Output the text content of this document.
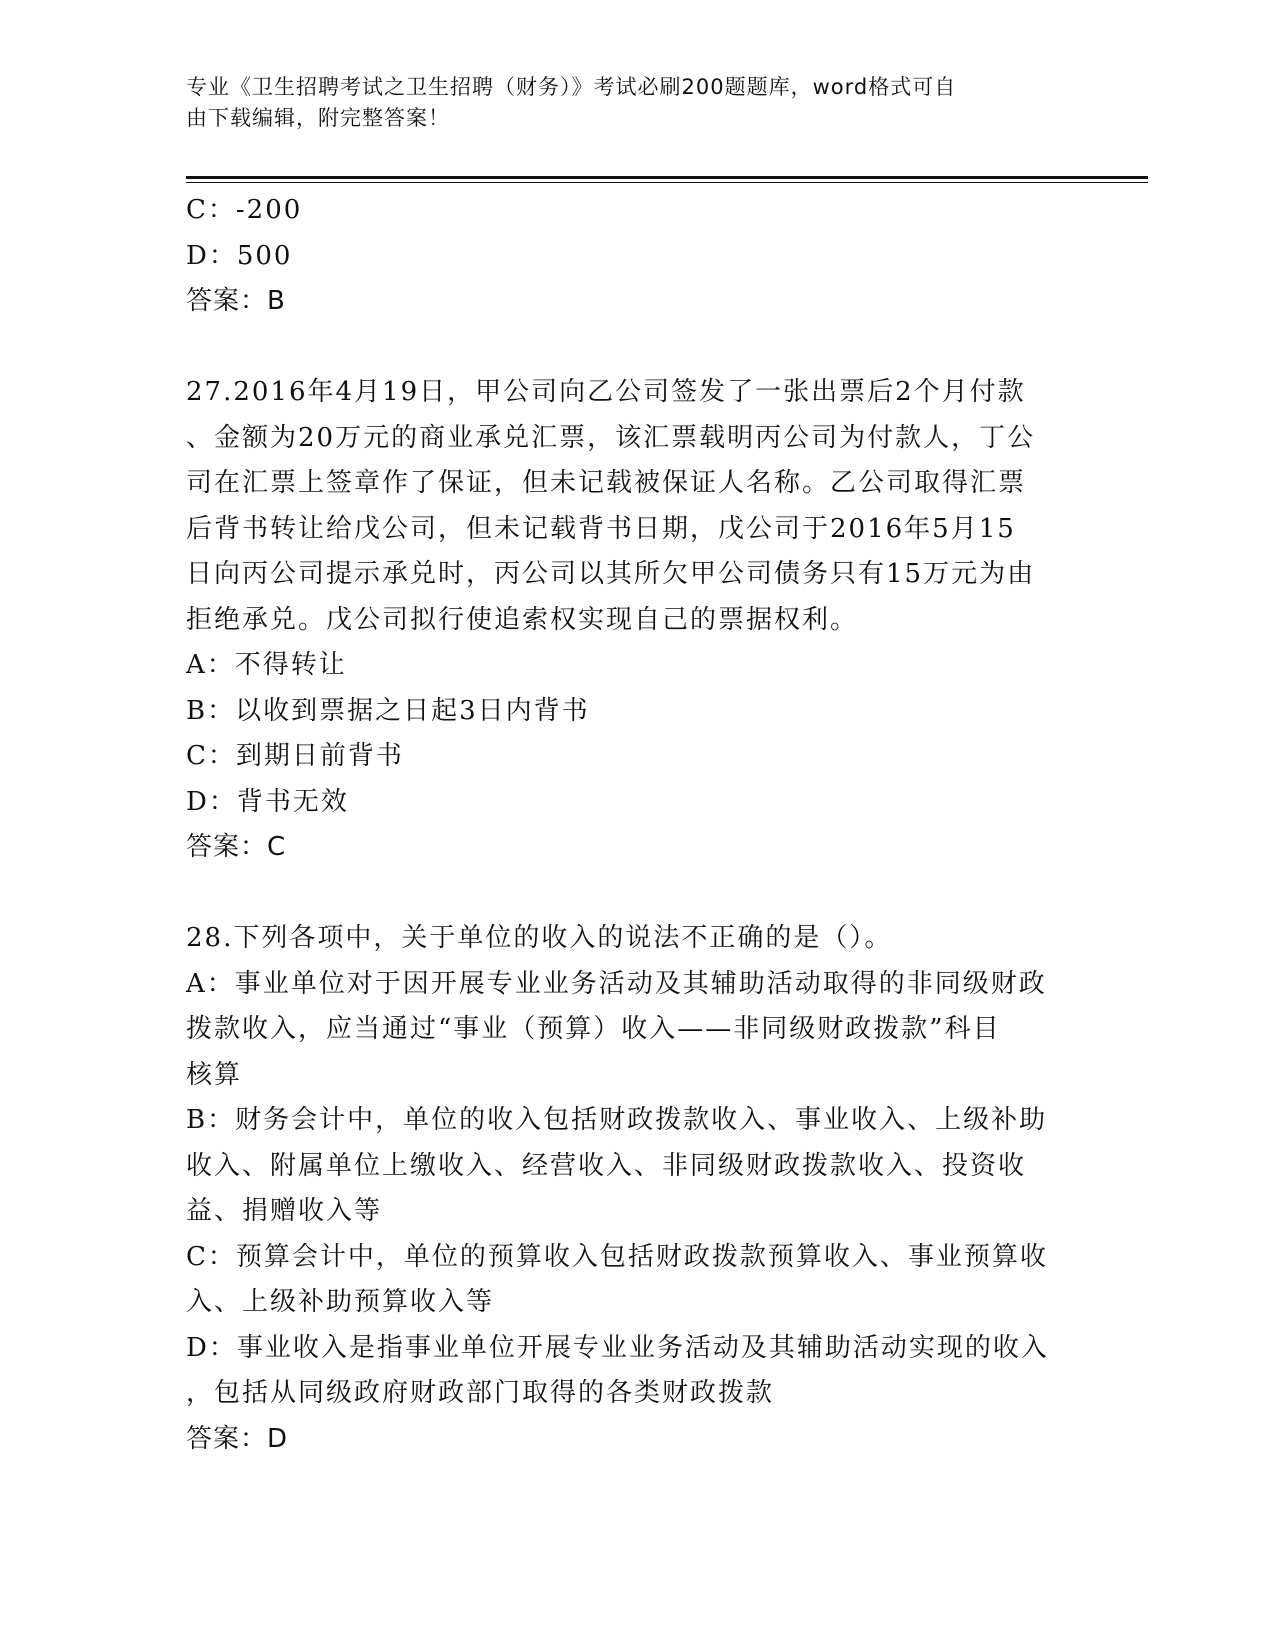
专业《卫生招聘考试之卫生招聘（财务）》考试必刷200题题库，word格式可自
由下载编辑，附完整答案！
C：-200
D：500
答案：B
27.2016年4月19日，甲公司向乙公司签发了一张出票后2个月付款
、金额为20万元的商业承兑汇票，该汇票载明丙公司为付款人，丁公
司在汇票上签章作了保证，但未记载被保证人名称。乙公司取得汇票
后背书转让给戊公司，但未记载背书日期，戊公司于2016年5月15
日向丙公司提示承兑时，丙公司以其所欠甲公司债务只有15万元为由
拒绝承兑。戊公司拟行使追索权实现自己的票据权利。
A：不得转让
B：以收到票据之日起3日内背书
C：到期日前背书
D：背书无效
答案：C
28.下列各项中，关于单位的收入的说法不正确的是（）。
A：事业单位对于因开展专业业务活动及其辅助活动取得的非同级财政
拨款收入，应当通过“事业（预算）收入——非同级财政拨款”科目
核算
B：财务会计中，单位的收入包括财政拨款收入、事业收入、上级补助
收入、附属单位上缴收入、经营收入、非同级财政拨款收入、投资收
益、捐赠收入等
C：预算会计中，单位的预算收入包括财政拨款预算收入、事业预算收
入、上级补助预算收入等
D：事业收入是指事业单位开展专业业务活动及其辅助活动实现的收入
，包括从同级政府财政部门取得的各类财政拨款
答案：D
